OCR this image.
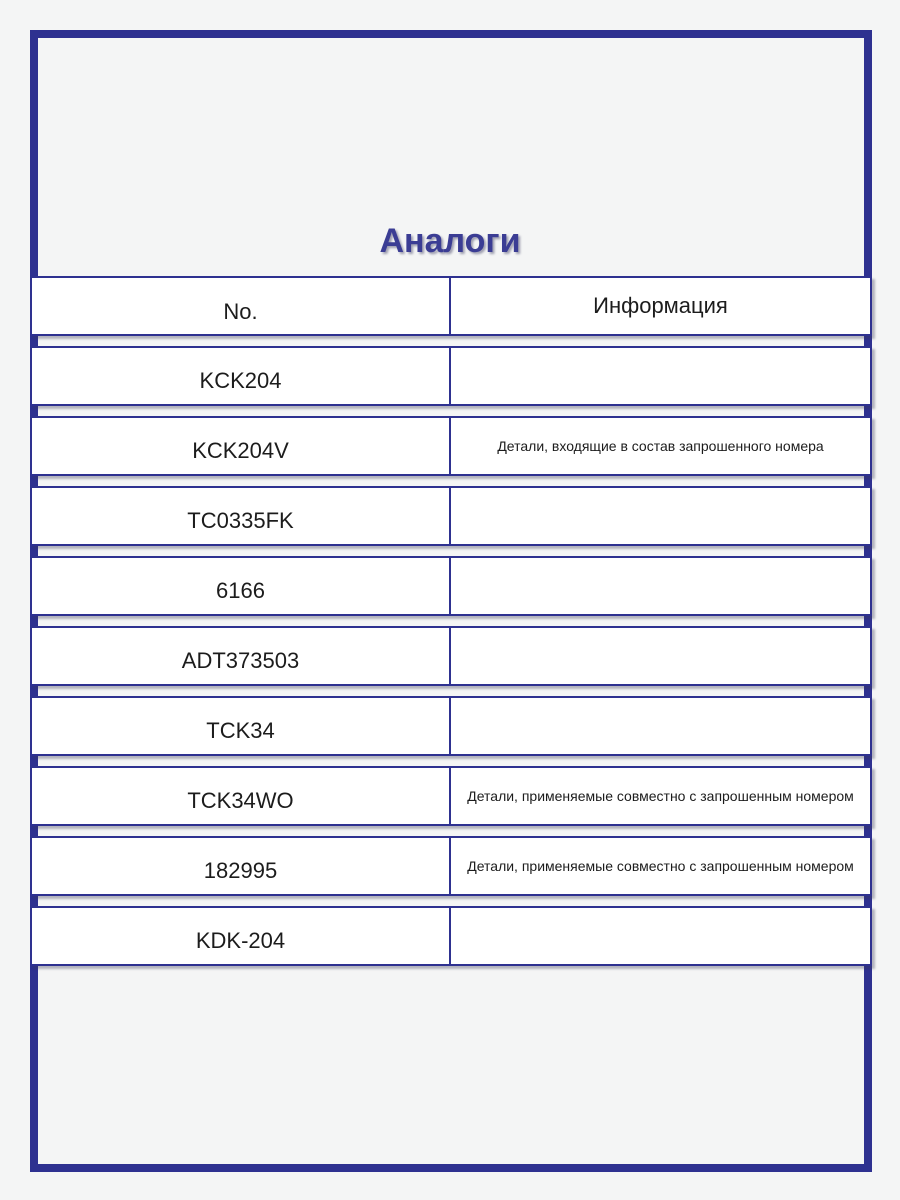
Аналоги
No.	Информация
KCK204
KCK204V	Детали, входящие в состав запрошенного номера
TC0335FK
6166
ADT373503
TCK34
TCK34WO	Детали, применяемые совместно с запрошенным номером
182995	Детали, применяемые совместно с запрошенным номером
KDK-204
